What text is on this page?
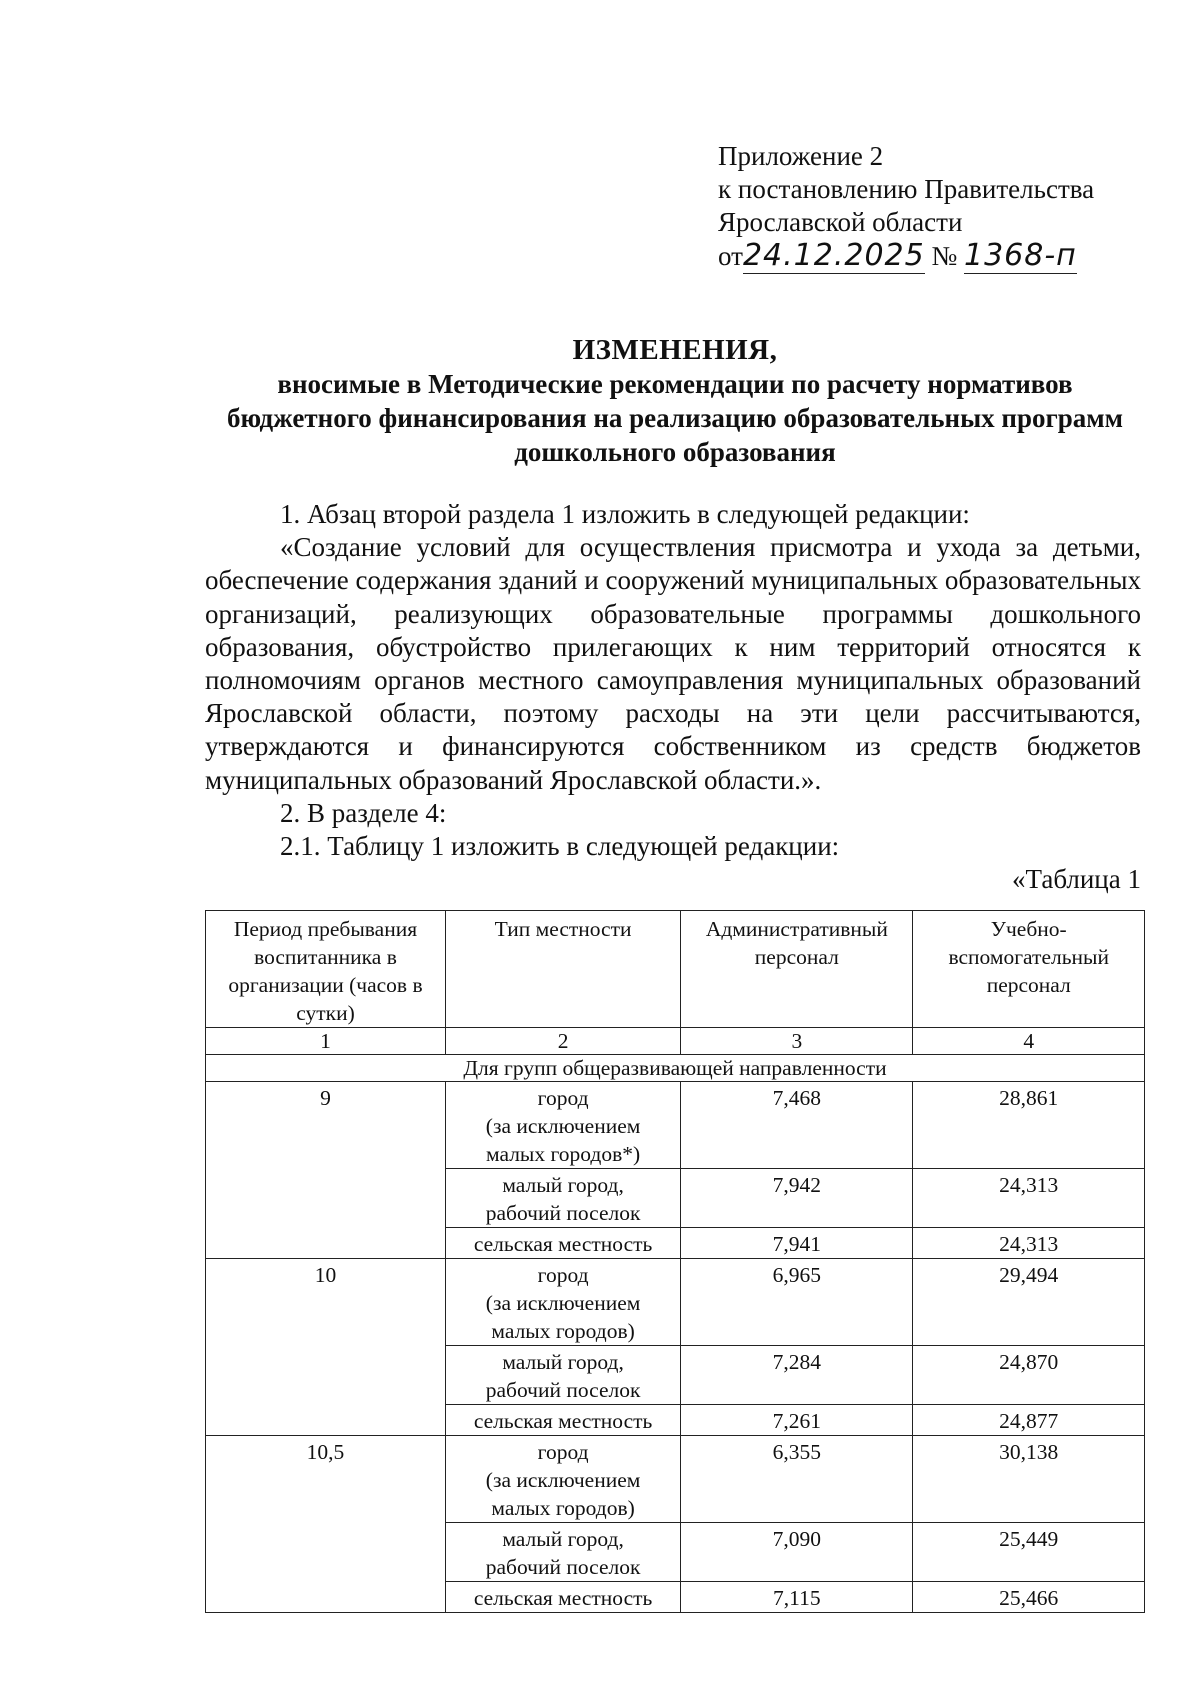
Приложение 2
к постановлению Правительства
Ярославской области
от24.12.2025 № 1368-п
ИЗМЕНЕНИЯ,
вносимые в Методические рекомендации по расчету нормативов
бюджетного финансирования на реализацию образовательных программ
дошкольного образования

1. Абзац второй раздела 1 изложить в следующей редакции:

«Создание условий для осуществления присмотра и ухода за детьми, обеспечение содержания зданий и сооружений муниципальных образовательных организаций, реализующих образовательные программы дошкольного образования, обустройство прилегающих к ним территорий относятся к полномочиям органов местного самоуправления муниципальных образований Ярославской области, поэтому расходы на эти цели рассчитываются, утверждаются и финансируются собственником из средств бюджетов муниципальных образований Ярославской области.».

2. В разделе 4:

2.1. Таблицу 1 изложить в следующей редакции:

«Таблица 1

Период пребывания воспитанника в организации (часов в сутки)	Тип местности	Административный персонал	Учебно-вспомогательный персонал
1	2	3	4
Для групп общеразвивающей направленности			
9	город
(за исключением
малых городов*)	7,468	28,861
	малый город,
рабочий поселок	7,942	24,313
	сельская местность	7,941	24,313
10	город
(за исключением
малых городов)	6,965	29,494
	малый город,
рабочий поселок	7,284	24,870
	сельская местность	7,261	24,877
10,5	город
(за исключением
малых городов)	6,355	30,138
	малый город,
рабочий поселок	7,090	25,449
	сельская местность	7,115	25,466
